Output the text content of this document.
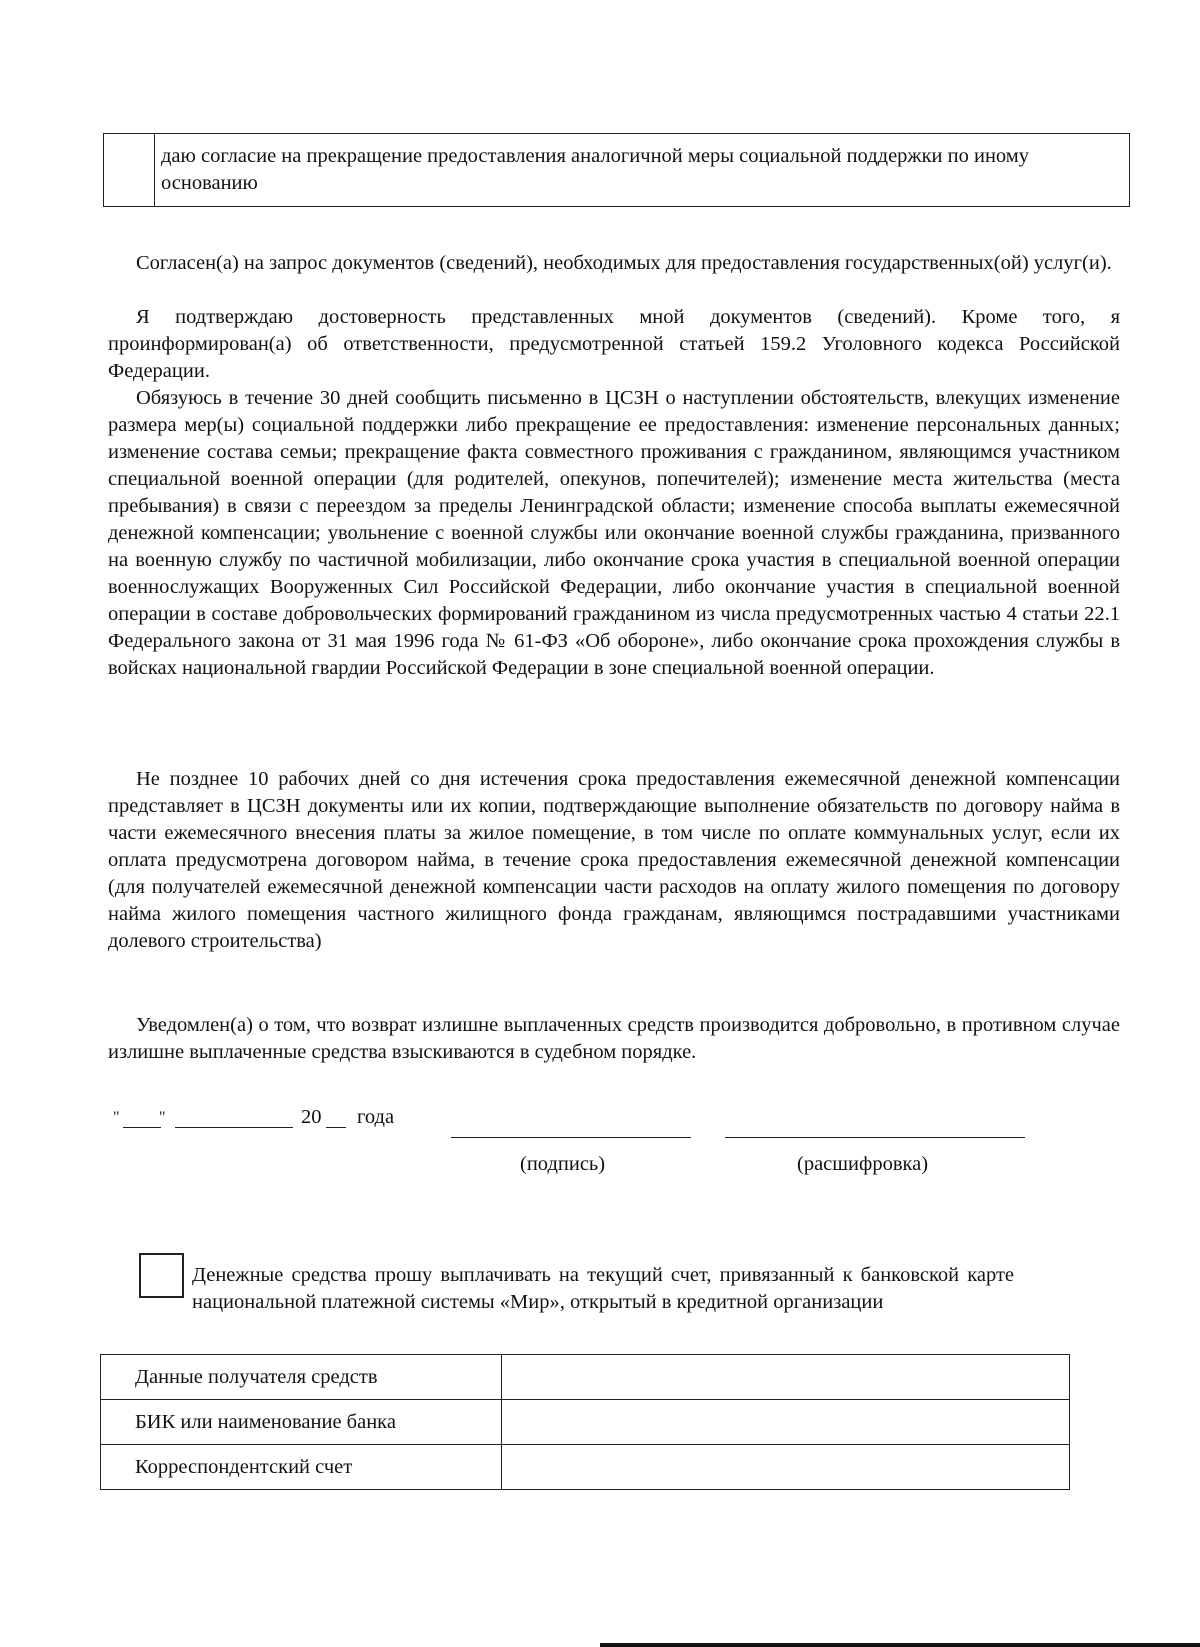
	даю согласие на прекращение предоставления аналогичной меры социальной поддержки по иному основанию

Согласен(а) на запрос документов (сведений), необходимых для предоставления государственных(ой) услуг(и).

Я подтверждаю достоверность представленных мной документов (сведений). Кроме того, я проинформирован(а) об ответственности, предусмотренной статьей 159.2 Уголовного кодекса Российской Федерации.

Обязуюсь в течение 30 дней сообщить письменно в ЦСЗН о наступлении обстоятельств, влекущих изменение размера мер(ы) социальной поддержки либо прекращение ее предоставления: изменение персональных данных; изменение состава семьи; прекращение факта совместного проживания с гражданином, являющимся участником специальной военной операции (для родителей, опекунов, попечителей); изменение места жительства (места пребывания) в связи с переездом за пределы Ленинградской области; изменение способа выплаты ежемесячной денежной компенсации; увольнение с военной службы или окончание военной службы гражданина, призванного на военную службу по частичной мобилизации, либо окончание срока участия в специальной военной операции военнослужащих Вооруженных Сил Российской Федерации, либо окончание участия в специальной военной операции в составе добровольческих формирований гражданином из числа предусмотренных частью 4 статьи 22.1 Федерального закона от 31 мая 1996 года № 61-ФЗ «Об обороне», либо окончание срока прохождения службы в войсках национальной гвардии Российской Федерации в зоне специальной военной операции.

Не позднее 10 рабочих дней со дня истечения срока предоставления ежемесячной денежной компенсации представляет в ЦСЗН документы или их копии, подтверждающие выполнение обязательств по договору найма в части ежемесячного внесения платы за жилое помещение, в том числе по оплате коммунальных услуг, если их оплата предусмотрена договором найма, в течение срока предоставления ежемесячной денежной компенсации (для получателей ежемесячной денежной компенсации части расходов на оплату жилого помещения по договору найма жилого помещения частного жилищного фонда гражданам, являющимся пострадавшими участниками долевого строительства)

Уведомлен(а) о том, что возврат излишне выплаченных средств производится добровольно, в противном случае излишне выплаченные средства взыскиваются в судебном порядке.

" "	20 года
(подпись)	(расшифровка)

Денежные средства прошу выплачивать на текущий счет, привязанный к банковской карте национальной платежной системы «Мир», открытый в кредитной организации

Данные получателя средств	
БИК или наименование банка	
Корреспондентский счет	
